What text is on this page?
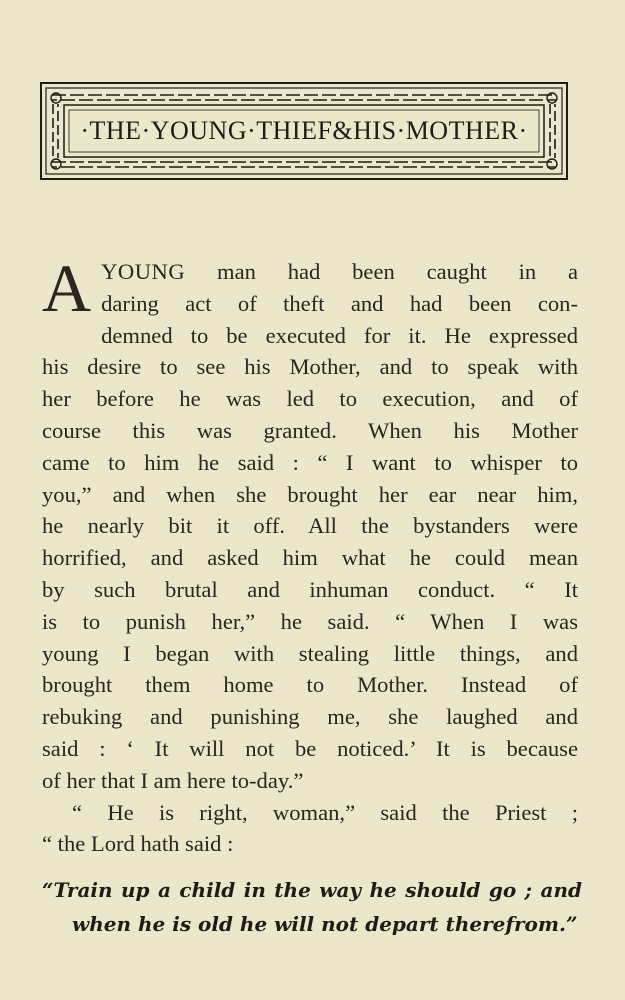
·THE·YOUNG·THIEF&HIS·MOTHER·

A YOUNG man had been caught in a
daring act of theft and had been con-
demned to be executed for it. He expressed
his desire to see his Mother, and to speak with
her before he was led to execution, and of
course this was granted. When his Mother
came to him he said : “ I want to whisper to
you,” and when she brought her ear near him,
he nearly bit it off. All the bystanders were
horrified, and asked him what he could mean
by such brutal and inhuman conduct. “ It
is to punish her,” he said. “ When I was
young I began with stealing little things, and
brought them home to Mother. Instead of
rebuking and punishing me, she laughed and
said : ‘ It will not be noticed.’ It is because
of her that I am here to-day.”

“ He is right, woman,” said the Priest ;
“ the Lord hath said :

“Train up a child in the way he should go ; and
when he is old he will not depart therefrom.”
